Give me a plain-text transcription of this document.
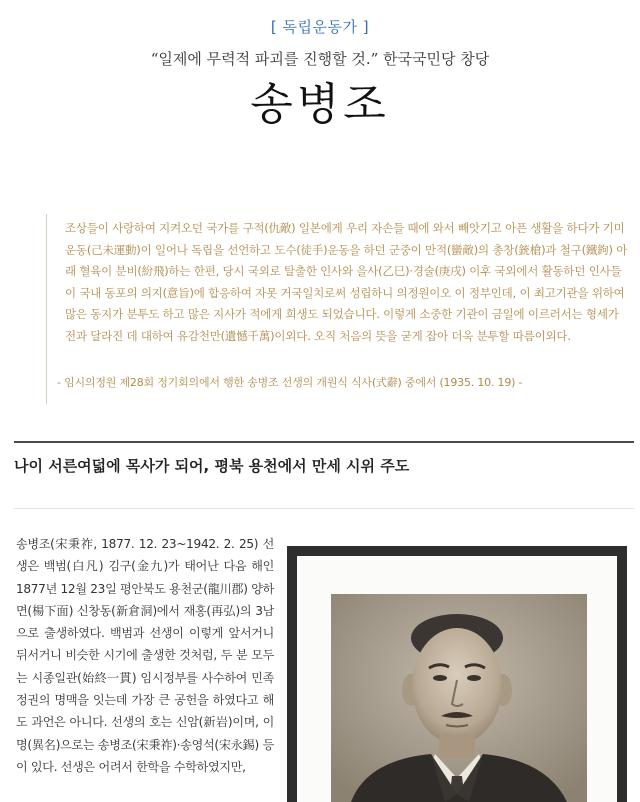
[ 독립운동가 ]
“일제에 무력적 파괴를 진행할 것.” 한국국민당 창당
송병조

조상들이 사랑하여 지켜오던 국가를 구적(仇敵) 일본에게 우리 자손들 때에 와서 빼앗기고 아픈 생활을 하다가 기미운동(己未運動)이 일어나 독립을 선언하고 도수(徒手)운동을 하던 군중이 만적(蠻敵)의 총창(銃槍)과 철구(鐵鉤) 아래 혈육이 분비(紛飛)하는 한편, 당시 국외로 탈출한 인사와 을사(乙巳)·경술(庚戌) 이후 국외에서 활동하던 인사들이 국내 동포의 의지(意旨)에 합응하여 자못 거국일치로써 성립하니 의정원이오 이 정부인데, 이 최고기관을 위하여 많은 동지가 분투도 하고 많은 지사가 적에게 희생도 되었습니다. 이렇게 소중한 기관이 금일에 이르러서는 형세가 전과 달라진 데 대하여 유감천만(遺憾千萬)이외다. 오직 처음의 뜻을 굳게 잡아 더욱 분투할 따름이외다.

- 임시의정원 제28회 정기회의에서 행한 송병조 선생의 개원식 식사(式辭) 중에서 (1935. 10. 19) -

나이 서른여덟에 목사가 되어, 평북 용천에서 만세 시위 주도

송병조(宋秉祚, 1877. 12. 23~1942. 2. 25) 선생은 백범(白凡) 김구(金九)가 태어난 다음 해인 1877년 12월 23일 평안북도 용천군(龍川郡) 양하면(楊下面) 신창동(新倉洞)에서 재홍(再弘)의 3남으로 출생하였다. 백범과 선생이 이렇게 앞서거니 뒤서거니 비슷한 시기에 출생한 것처럼, 두 분 모두는 시종일관(始終一貫) 임시정부를 사수하여 민족정권의 명맥을 잇는데 가장 큰 공헌을 하였다고 해도 과언은 아니다. 선생의 호는 신암(新岩)이며, 이명(異名)으로는 송병조(宋秉祚)·송영석(宋永錫) 등이 있다. 선생은 어려서 한학을 수학하였지만,
